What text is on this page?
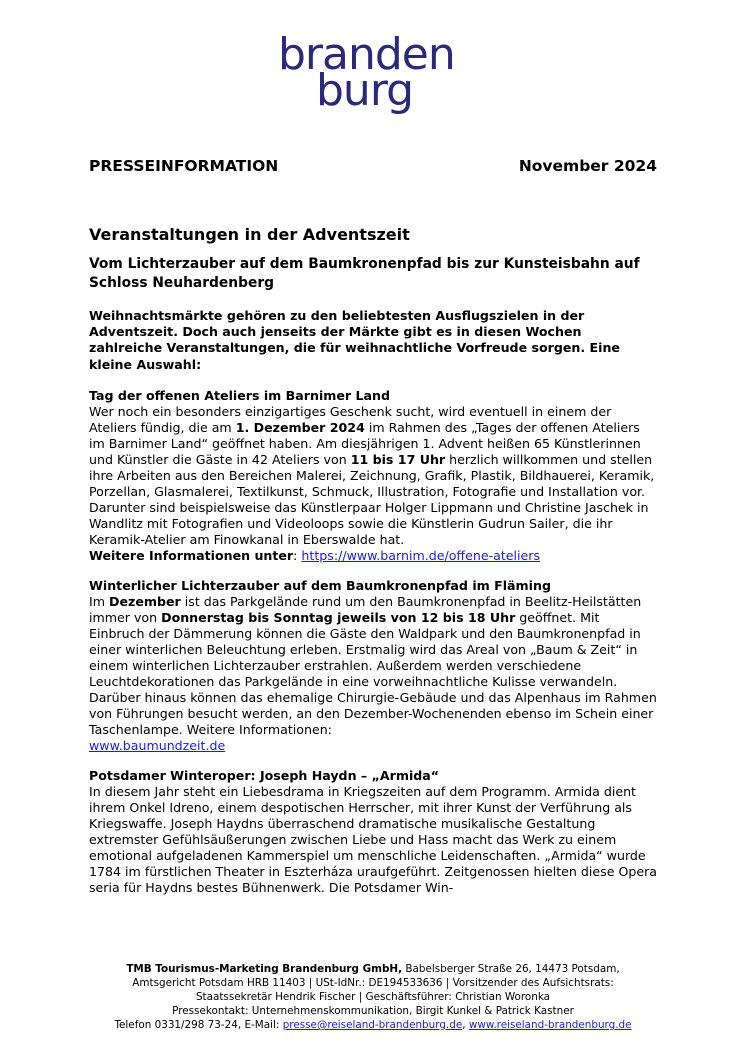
branden
burg
PRESSEINFORMATION	November 2024
Veranstaltungen in der Adventszeit
Vom Lichterzauber auf dem Baumkronenpfad bis zur Kunsteisbahn auf Schloss Neuhardenberg
Weihnachtsmärkte gehören zu den beliebtesten Ausflugszielen in der Adventszeit. Doch auch jenseits der Märkte gibt es in diesen Wochen zahlreiche Veranstaltungen, die für weihnachtliche Vorfreude sorgen. Eine kleine Auswahl:
Tag der offenen Ateliers im Barnimer Land

Wer noch ein besonders einzigartiges Geschenk sucht, wird eventuell in einem der Ateliers fündig, die am 1. Dezember 2024 im Rahmen des „Tages der offenen Ateliers im Barnimer Land“ geöffnet haben. Am diesjährigen 1. Advent heißen 65 Künstlerinnen und Künstler die Gäste in 42 Ateliers von 11 bis 17 Uhr herzlich willkommen und stellen ihre Arbeiten aus den Bereichen Malerei, Zeichnung, Grafik, Plastik, Bildhauerei, Keramik, Porzellan, Glasmalerei, Textilkunst, Schmuck, Illustration, Fotografie und Installation vor. Darunter sind beispielsweise das Künstlerpaar Holger Lippmann und Christine Jaschek in Wandlitz mit Fotografien und Videoloops sowie die Künstlerin Gudrun Sailer, die ihr Keramik-Atelier am Finowkanal in Eberswalde hat.
Weitere Informationen unter: https://www.barnim.de/offene-ateliers

Winterlicher Lichterzauber auf dem Baumkronenpfad im Fläming

Im Dezember ist das Parkgelände rund um den Baumkronenpfad in Beelitz-Heilstätten immer von Donnerstag bis Sonntag jeweils von 12 bis 18 Uhr geöffnet. Mit Einbruch der Dämmerung können die Gäste den Waldpark und den Baumkronenpfad in einer winterlichen Beleuchtung erleben. Erstmalig wird das Areal von „Baum & Zeit“ in einem winterlichen Lichterzauber erstrahlen. Außerdem werden verschiedene Leuchtdekorationen das Parkgelände in eine vorweihnachtliche Kulisse verwandeln. Darüber hinaus können das ehemalige Chirurgie-Gebäude und das Alpenhaus im Rahmen von Führungen besucht werden, an den Dezember-Wochenenden ebenso im Schein einer Taschenlampe. Weitere Informationen:
www.baumundzeit.de

Potsdamer Winteroper: Joseph Haydn – „Armida“

In diesem Jahr steht ein Liebesdrama in Kriegszeiten auf dem Programm. Armida dient ihrem Onkel Idreno, einem despotischen Herrscher, mit ihrer Kunst der Verführung als Kriegswaffe. Joseph Haydns überraschend dramatische musikalische Gestaltung extremster Gefühlsäußerungen zwischen Liebe und Hass macht das Werk zu einem emotional aufgeladenen Kammerspiel um menschliche Leidenschaften. „Armida“ wurde 1784 im fürstlichen Theater in Eszterháza uraufgeführt. Zeitgenossen hielten diese Opera seria für Haydns bestes Bühnenwerk. Die Potsdamer Win-

TMB Tourismus-Marketing Brandenburg GmbH, Babelsberger Straße 26, 14473 Potsdam,
Amtsgericht Potsdam HRB 11403 | USt-IdNr.: DE194533636 | Vorsitzender des Aufsichtsrats:
Staatssekretär Hendrik Fischer | Geschäftsführer: Christian Woronka
Pressekontakt: Unternehmenskommunikation, Birgit Kunkel & Patrick Kastner
Telefon 0331/298 73-24, E-Mail: presse@reiseland-brandenburg.de, www.reiseland-brandenburg.de
